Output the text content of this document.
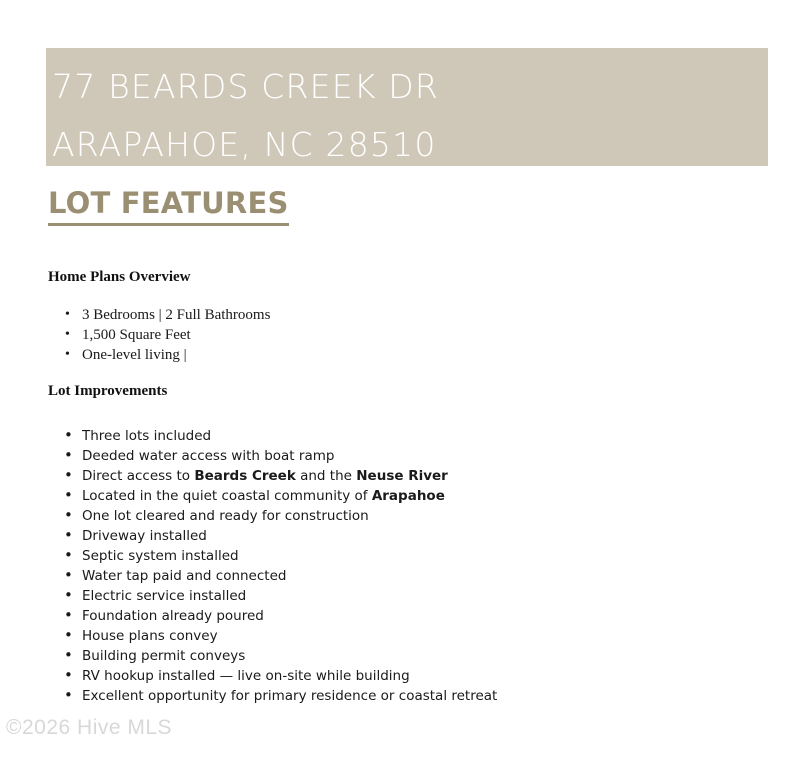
77 BEARDS CREEK DR
ARAPAHOE, NC 28510
LOT FEATURES
Home Plans Overview
• 3 Bedrooms | 2 Full Bathrooms
• 1,500 Square Feet
• One-level living |
Lot Improvements
• Three lots included
• Deeded water access with boat ramp
• Direct access to Beards Creek and the Neuse River
• Located in the quiet coastal community of Arapahoe
• One lot cleared and ready for construction
• Driveway installed
• Septic system installed
• Water tap paid and connected
• Electric service installed
• Foundation already poured
• House plans convey
• Building permit conveys
• RV hookup installed — live on-site while building
• Excellent opportunity for primary residence or coastal retreat
©2026 Hive MLS
